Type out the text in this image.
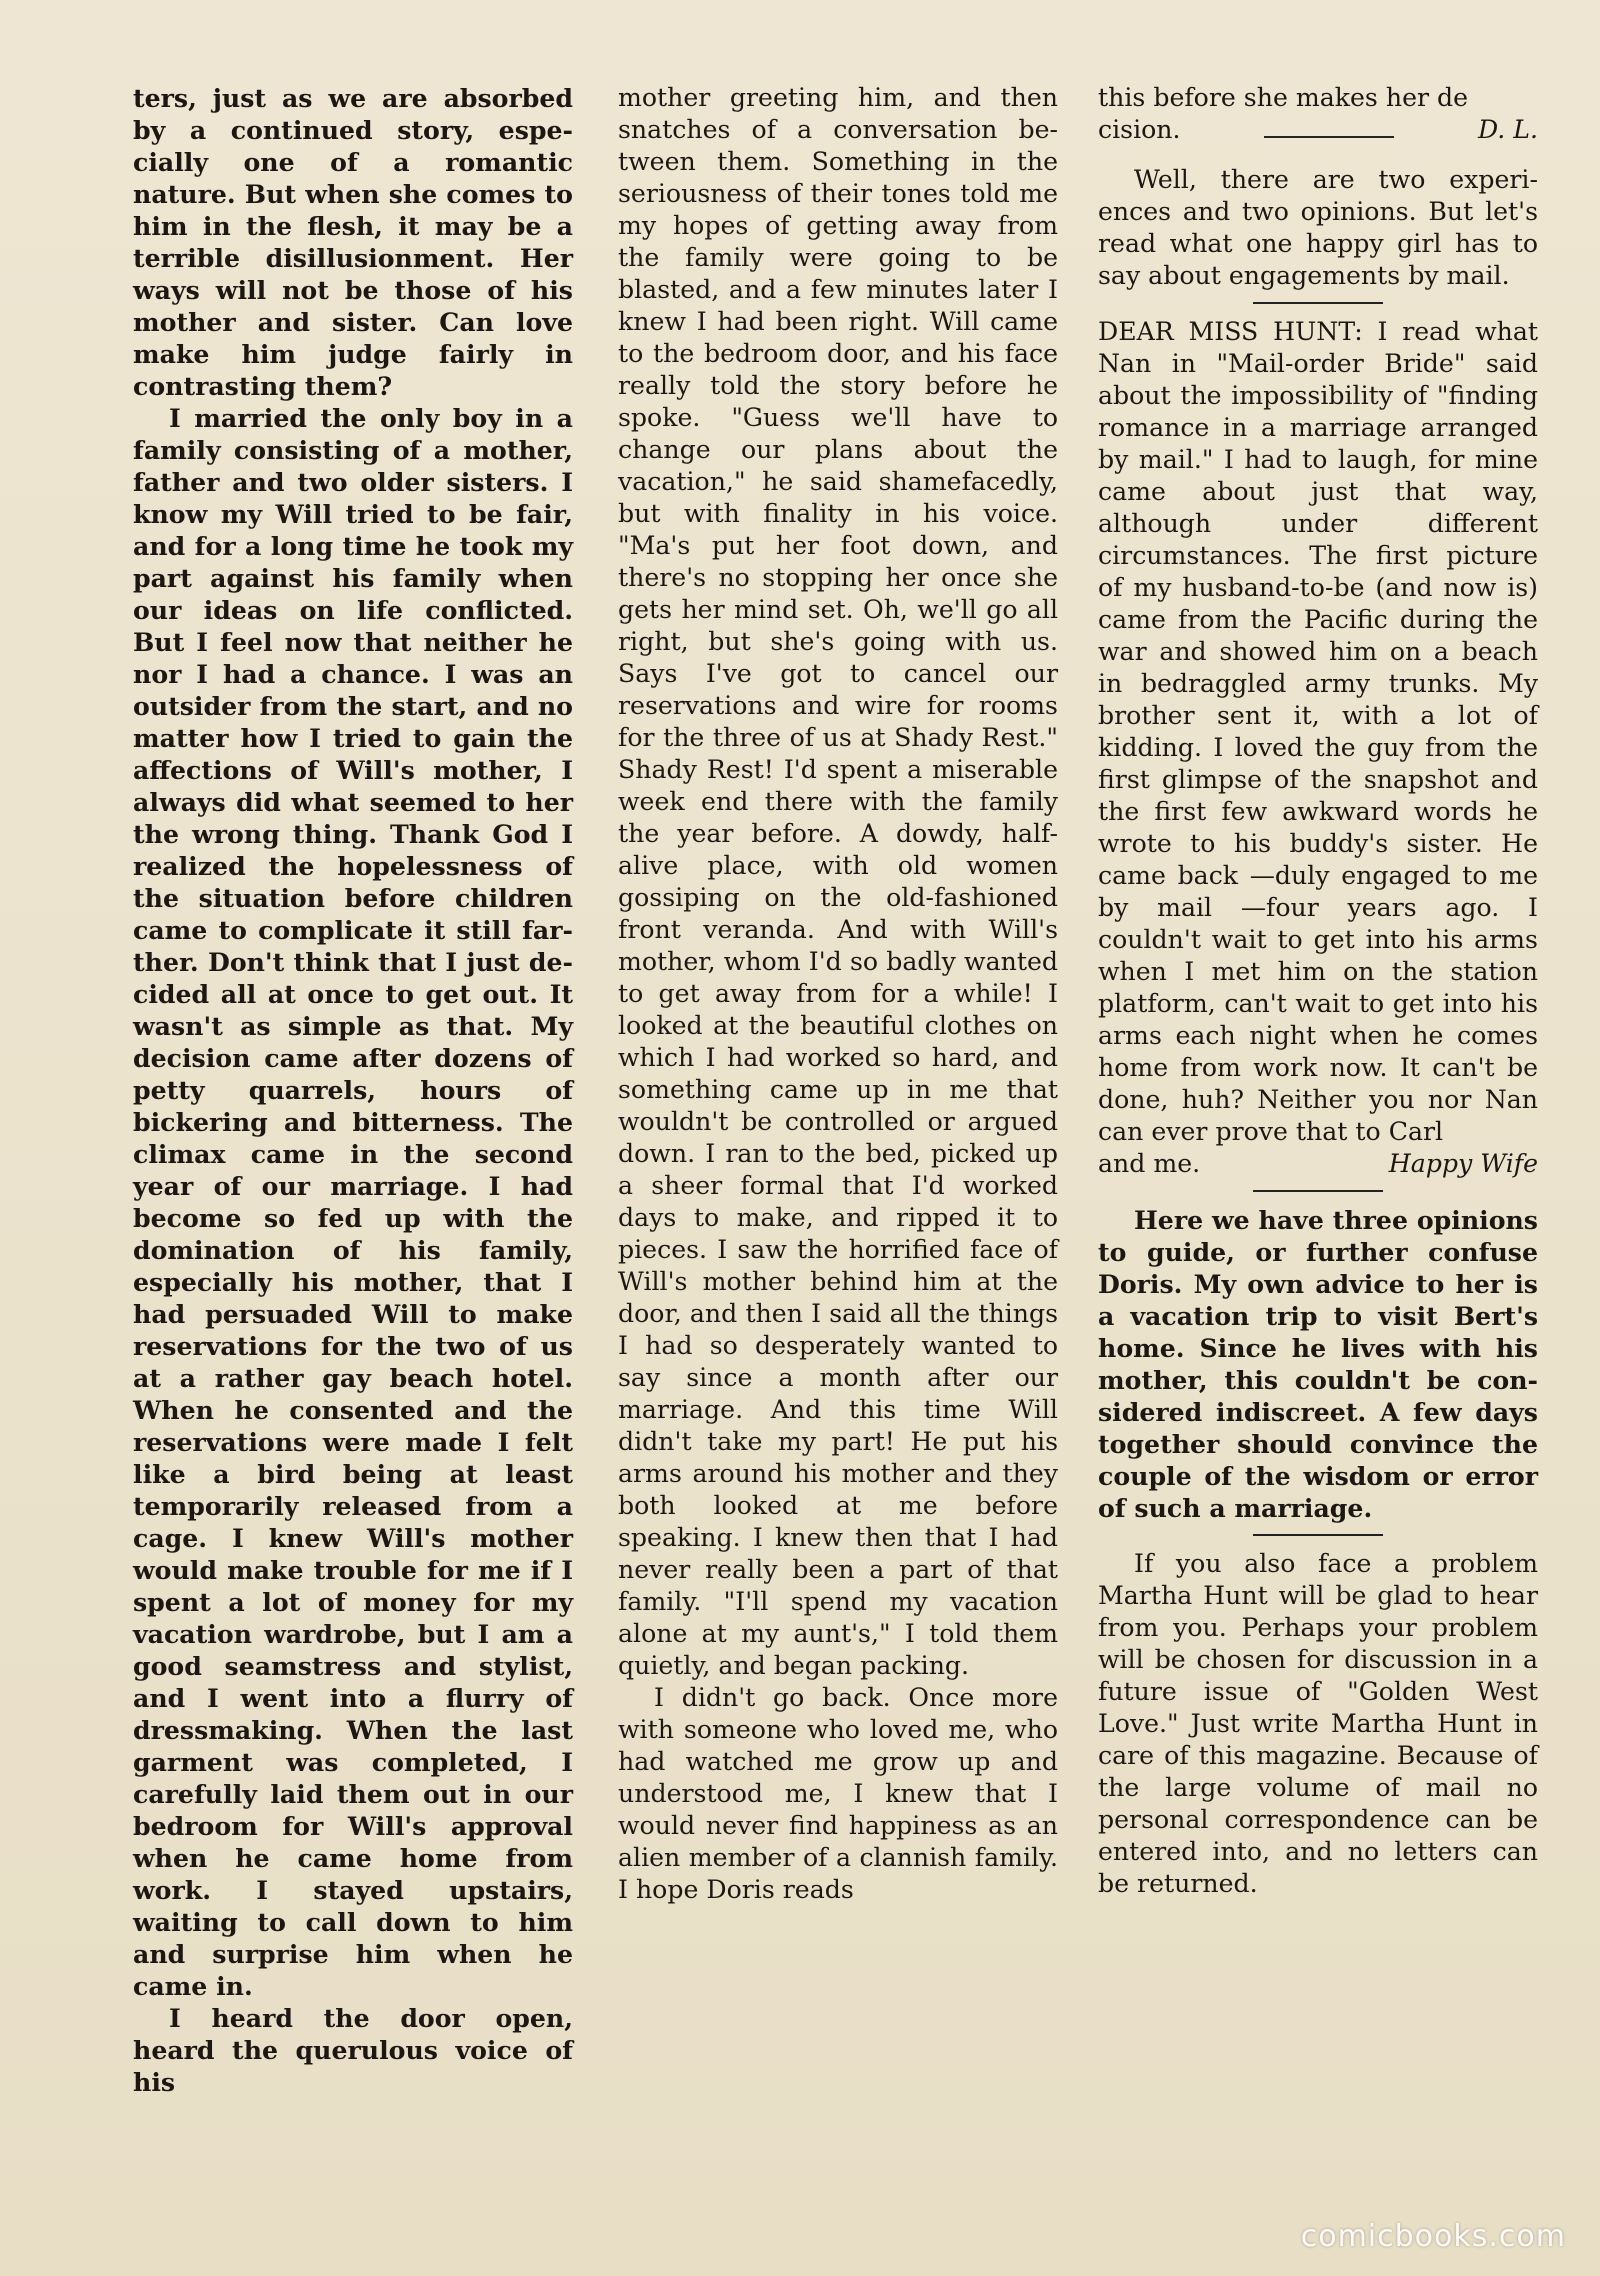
ters, just as we are absorbed by a continued story, especially one of a romantic nature. But when she comes to him in the flesh, it may be a terrible disillusionment. Her ways will not be those of his mother and sister. Can love make him judge fairly in contrasting them?

I married the only boy in a family consisting of a mother, father and two older sisters. I know my Will tried to be fair, and for a long time he took my part against his family when our ideas on life conflicted. But I feel now that neither he nor I had a chance. I was an outsider from the start, and no matter how I tried to gain the affections of Will's mother, I always did what seemed to her the wrong thing. Thank God I realized the hopelessness of the situation before children came to complicate it still farther. Don't think that I just decided all at once to get out. It wasn't as simple as that. My decision came after dozens of petty quarrels, hours of bickering and bitterness. The climax came in the second year of our marriage. I had become so fed up with the domination of his family, especially his mother, that I had persuaded Will to make reservations for the two of us at a rather gay beach hotel. When he consented and the reservations were made I felt like a bird being at least temporarily released from a cage. I knew Will's mother would make trouble for me if I spent a lot of money for my vacation wardrobe, but I am a good seamstress and stylist, and I went into a flurry of dressmaking. When the last garment was completed, I carefully laid them out in our bedroom for Will's approval when he came home from work. I stayed upstairs, waiting to call down to him and surprise him when he came in.

I heard the door open, heard the querulous voice of his

mother greeting him, and then snatches of a conversation between them. Something in the seriousness of their tones told me my hopes of getting away from the family were going to be blasted, and a few minutes later I knew I had been right. Will came to the bedroom door, and his face really told the story before he spoke. "Guess we'll have to change our plans about the vacation," he said shamefacedly, but with finality in his voice. "Ma's put her foot down, and there's no stopping her once she gets her mind set. Oh, we'll go all right, but she's going with us. Says I've got to cancel our reservations and wire for rooms for the three of us at Shady Rest." Shady Rest! I'd spent a miserable week end there with the family the year before. A dowdy, half-alive place, with old women gossiping on the old-fashioned front veranda. And with Will's mother, whom I'd so badly wanted to get away from for a while! I looked at the beautiful clothes on which I had worked so hard, and something came up in me that wouldn't be controlled or argued down. I ran to the bed, picked up a sheer formal that I'd worked days to make, and ripped it to pieces. I saw the horrified face of Will's mother behind him at the door, and then I said all the things I had so desperately wanted to say since a month after our marriage. And this time Will didn't take my part! He put his arms around his mother and they both looked at me before speaking. I knew then that I had never really been a part of that family. "I'll spend my vacation alone at my aunt's," I told them quietly, and began packing.

I didn't go back. Once more with someone who loved me, who had watched me grow up and understood me, I knew that I would never find happiness as an alien member of a clannish family. I hope Doris reads

this before she makes her de

cision.	D. L.

Well, there are two experiences and two opinions. But let's read what one happy girl has to say about engagements by mail.

DEAR MISS HUNT: I read what Nan in "Mail-order Bride" said about the impossibility of "finding romance in a marriage arranged by mail." I had to laugh, for mine came about just that way, although under different circumstances. The first picture of my husband-to-be (and now is) came from the Pacific during the war and showed him on a beach in bedraggled army trunks. My brother sent it, with a lot of kidding. I loved the guy from the first glimpse of the snapshot and the first few awkward words he wrote to his buddy's sister. He came back —duly engaged to me by mail —four years ago. I couldn't wait to get into his arms when I met him on the station platform, can't wait to get into his arms each night when he comes home from work now. It can't be done, huh? Neither you nor Nan can ever prove that to Carl

and me.	Happy Wife

Here we have three opinions to guide, or further confuse Doris. My own advice to her is a vacation trip to visit Bert's home. Since he lives with his mother, this couldn't be considered indiscreet. A few days together should convince the couple of the wisdom or error of such a marriage.

If you also face a problem Martha Hunt will be glad to hear from you. Perhaps your problem will be chosen for discussion in a future issue of "Golden West Love." Just write Martha Hunt in care of this magazine. Because of the large volume of mail no personal correspondence can be entered into, and no letters can be returned.

comicbooks.com
